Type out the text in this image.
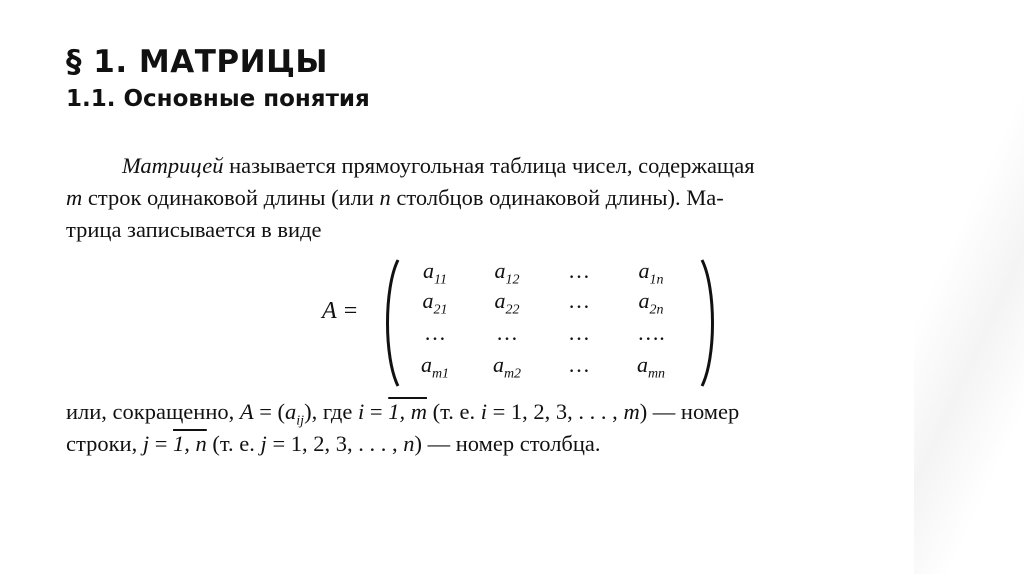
§ 1. МАТРИЦЫ
1.1. Основные понятия
Матрицей называется прямоугольная таблица чисел, содержащая
m строк одинаковой длины (или n столбцов одинаковой длины). Ма-
трица записывается в виде
A =
$a_{11}$	$a_{12}$	…	$a_{1n}$
$a_{21}$	$a_{22}$	…	$a_{2n}$
…	…	…	….
$a_{m1}$	$a_{m2}$	…	$a_{mn}$
или, сокращенно, $A = (a_{ij})$, где i = 1, m (т. е. i = 1, 2, 3, . . . , m) — номер
строки, j = 1, n (т. е. j = 1, 2, 3, . . . , n) — номер столбца.
